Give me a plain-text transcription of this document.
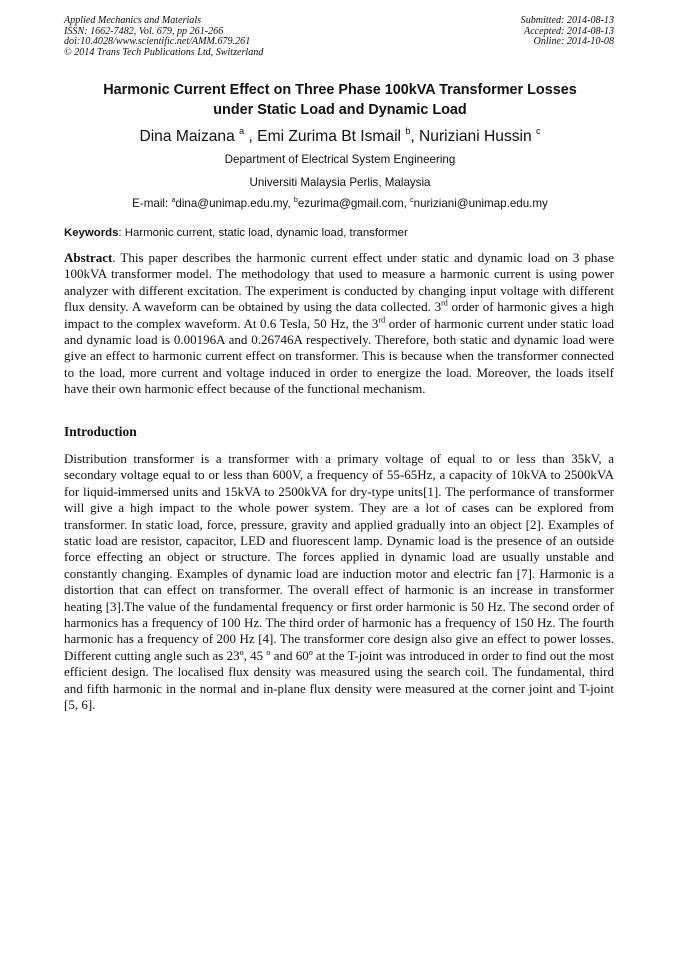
Applied Mechanics and Materials
ISSN: 1662-7482, Vol. 679, pp 261-266
doi:10.4028/www.scientific.net/AMM.679.261
© 2014 Trans Tech Publications Ltd, Switzerland
Submitted: 2014-08-13
Accepted: 2014-08-13
Online: 2014-10-08
Harmonic Current Effect on Three Phase 100kVA Transformer Losses
under Static Load and Dynamic Load
Dina Maizana $^a$ , Emi Zurima Bt Ismail $^b$, Nuriziani Hussin $^c$
Department of Electrical System Engineering
Universiti Malaysia Perlis, Malaysia
E-mail: $^a$dina@unimap.edu.my, $^b$ezurima@gmail.com, $^c$nuriziani@unimap.edu.my
Keywords: Harmonic current, static load, dynamic load, transformer

Abstract. This paper describes the harmonic current effect under static and dynamic load on 3 phase 100kVA transformer model. The methodology that used to measure a harmonic current is using power analyzer with different excitation. The experiment is conducted by changing input voltage with different flux density. A waveform can be obtained by using the data collected. 3rd order of harmonic gives a high impact to the complex waveform. At 0.6 Tesla, 50 Hz, the 3rd order of harmonic current under static load and dynamic load is 0.00196A and 0.26746A respectively. Therefore, both static and dynamic load were give an effect to harmonic current effect on transformer. This is because when the transformer connected to the load, more current and voltage induced in order to energize the load. Moreover, the loads itself have their own harmonic effect because of the functional mechanism.

Introduction

Distribution transformer is a transformer with a primary voltage of equal to or less than 35kV, a secondary voltage equal to or less than 600V, a frequency of 55-65Hz, a capacity of 10kVA to 2500kVA for liquid-immersed units and 15kVA to 2500kVA for dry-type units[1]. The performance of transformer will give a high impact to the whole power system. They are a lot of cases can be explored from transformer. In static load, force, pressure, gravity and applied gradually into an object [2]. Examples of static load are resistor, capacitor, LED and fluorescent lamp. Dynamic load is the presence of an outside force effecting an object or structure. The forces applied in dynamic load are usually unstable and constantly changing. Examples of dynamic load are induction motor and electric fan [7]. Harmonic is a distortion that can effect on transformer. The overall effect of harmonic is an increase in transformer heating [3].The value of the fundamental frequency or first order harmonic is 50 Hz. The second order of harmonics has a frequency of 100 Hz. The third order of harmonic has a frequency of 150 Hz. The fourth harmonic has a frequency of 200 Hz [4]. The transformer core design also give an effect to power losses. Different cutting angle such as 23º, 45 º and 60º at the T-joint was introduced in order to find out the most efficient design. The localised flux density was measured using the search coil. The fundamental, third and fifth harmonic in the normal and in-plane flux density were measured at the corner joint and T-joint [5, 6].
